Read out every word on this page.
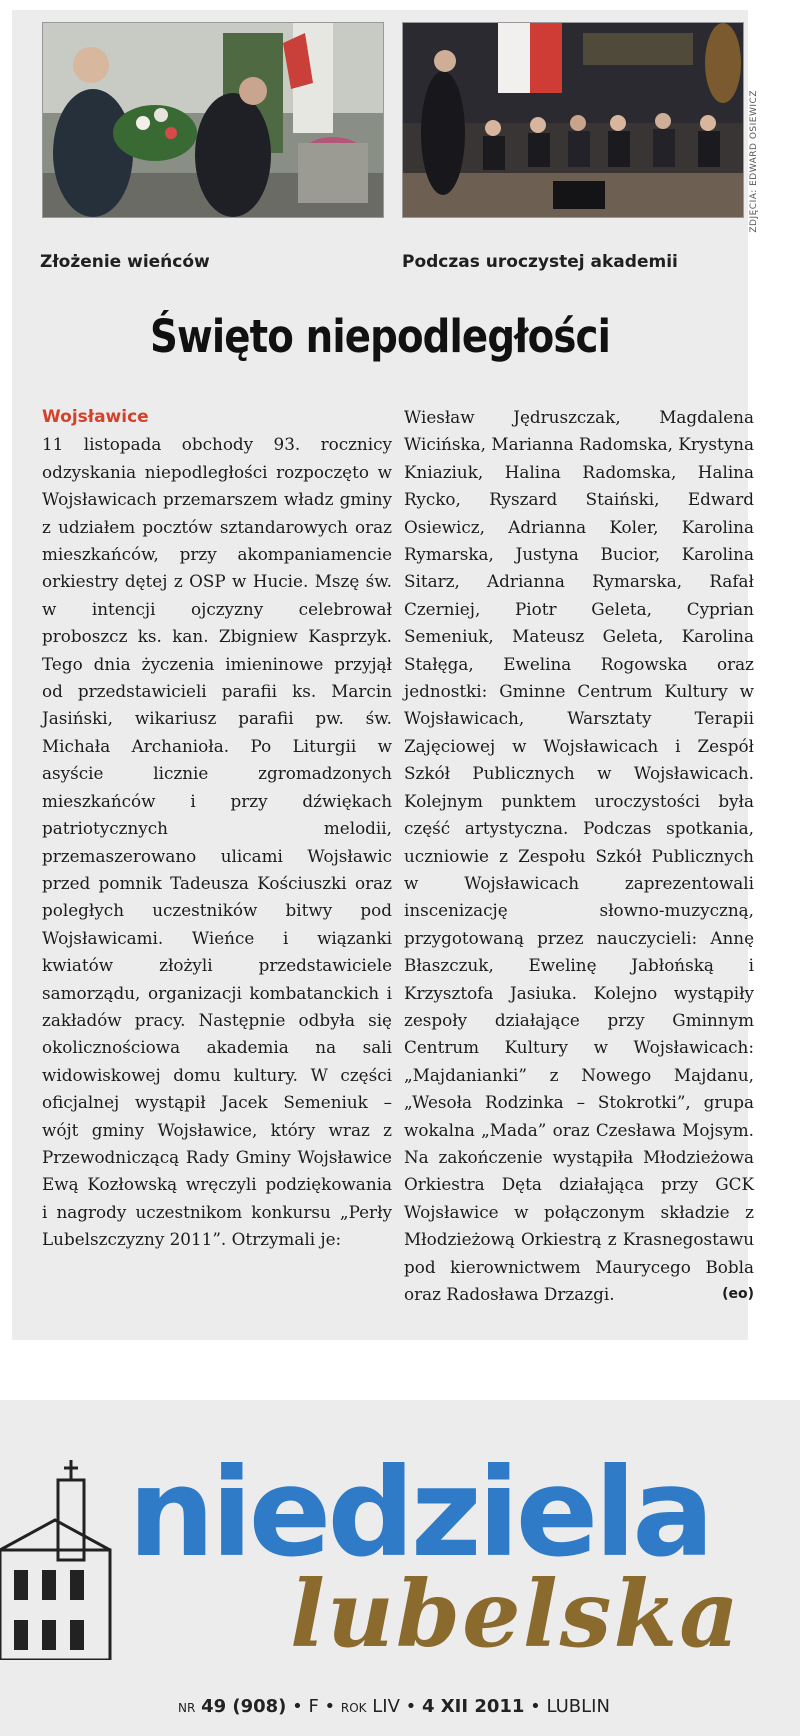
ZDJĘCIA: EDWARD OSIEWICZ
Złożenie wieńców	Podczas uroczystej akademii
Święto niepodległości
Wojsławice
11 listopada obchody 93. rocznicy odzyskania niepodległości rozpoczęto w Wojsławicach przemarszem władz gminy z udziałem pocztów sztandarowych oraz mieszkańców, przy akompaniamencie orkiestry dętej z OSP w Hucie. Mszę św. w intencji ojczyzny celebrował proboszcz ks. kan. Zbigniew Kasprzyk. Tego dnia życzenia imieninowe przyjął od przedstawicieli parafii ks. Marcin Jasiński, wikariusz parafii pw. św. Michała Archanioła. Po Liturgii w asyście licznie zgromadzonych mieszkańców i przy dźwiękach patriotycznych melodii, przemaszerowano ulicami Wojsławic przed pomnik Tadeusza Kościuszki oraz poległych uczestników bitwy pod Wojsławicami. Wieńce i wiązanki kwiatów złożyli przedstawiciele samorządu, organizacji kombatanckich i zakładów pracy. Następnie odbyła się okolicznościowa akademia na sali widowiskowej domu kultury. W części oficjalnej wystąpił Jacek Semeniuk – wójt gminy Wojsławice, który wraz z Przewodniczącą Rady Gminy Wojsławice Ewą Kozłowską wręczyli podziękowania i nagrody uczestnikom konkursu „Perły Lubelszczyzny 2011”. Otrzymali je:
Wiesław Jędruszczak, Magdalena Wicińska, Marianna Radomska, Krystyna Kniaziuk, Halina Radomska, Halina Rycko, Ryszard Staiński, Edward Osiewicz, Adrianna Koler, Karolina Rymarska, Justyna Bucior, Karolina Sitarz, Adrianna Rymarska, Rafał Czerniej, Piotr Geleta, Cyprian Semeniuk, Mateusz Geleta, Karolina Stałęga, Ewelina Rogowska oraz jednostki: Gminne Centrum Kultury w Wojsławicach, Warsztaty Terapii Zajęciowej w Wojsławicach i Zespół Szkół Publicznych w Wojsławicach. Kolejnym punktem uroczystości była część artystyczna. Podczas spotkania, uczniowie z Zespołu Szkół Publicznych w Wojsławicach zaprezentowali inscenizację słowno-muzyczną, przygotowaną przez nauczycieli: Annę Błaszczuk, Ewelinę Jabłońską i Krzysztofa Jasiuka. Kolejno wystąpiły zespoły działające przy Gminnym Centrum Kultury w Wojsławicach: „Majdanianki” z Nowego Majdanu, „Wesoła Rodzinka – Stokrotki”, grupa wokalna „Mada” oraz Czesława Mojsym. Na zakończenie wystąpiła Młodzieżowa Orkiestra Dęta działająca przy GCK Wojsławice w połączonym składzie z Młodzieżową Orkiestrą z Krasnegostawu pod kierownictwem Maurycego Bobla oraz Radosława Drzazgi.	(eo)
niedziela
lubelska
NR 49 (908) • F • ROK LIV • 4 XII 2011 • LUBLIN
